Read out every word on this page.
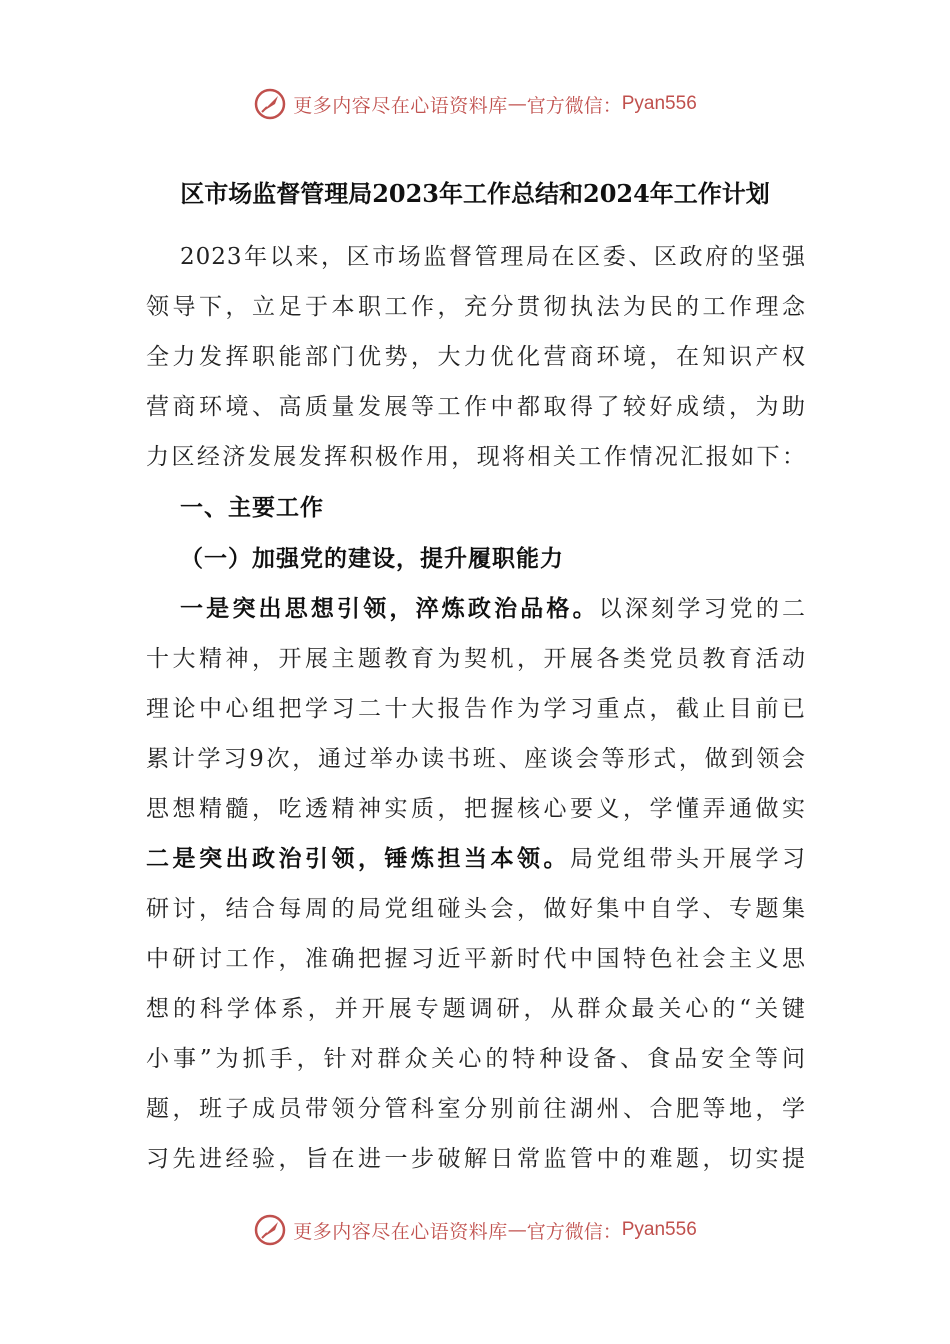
更多内容尽在心语资料库 — 官方微信： Pyan556
区市场监督管理局2023年工作总结和2024年工作计划
2023年以来，区市场监督管理局在区委、区政府的坚强
领导下，立足于本职工作，充分贯彻执法为民的工作理念
全力发挥职能部门优势，大力优化营商环境，在知识产权
营商环境、高质量发展等工作中都取得了较好成绩，为助
力区经济发展发挥积极作用，现将相关工作情况汇报如下：
一、主要工作
（一）加强党的建设，提升履职能力
一是突出思想引领，淬炼政治品格。以深刻学习党的二
十大精神，开展主题教育为契机，开展各类党员教育活动
理论中心组把学习二十大报告作为学习重点，截止目前已
累计学习9次，通过举办读书班、座谈会等形式，做到领会
思想精髓，吃透精神实质，把握核心要义，学懂弄通做实
二是突出政治引领，锤炼担当本领。局党组带头开展学习
研讨，结合每周的局党组碰头会，做好集中自学、专题集
中研讨工作，准确把握习近平新时代中国特色社会主义思
想的科学体系，并开展专题调研，从群众最关心的“关键
小事”为抓手，针对群众关心的特种设备、食品安全等问
题，班子成员带领分管科室分别前往湖州、合肥等地，学
习先进经验，旨在进一步破解日常监管中的难题，切实提
更多内容尽在心语资料库 — 官方微信： Pyan556
